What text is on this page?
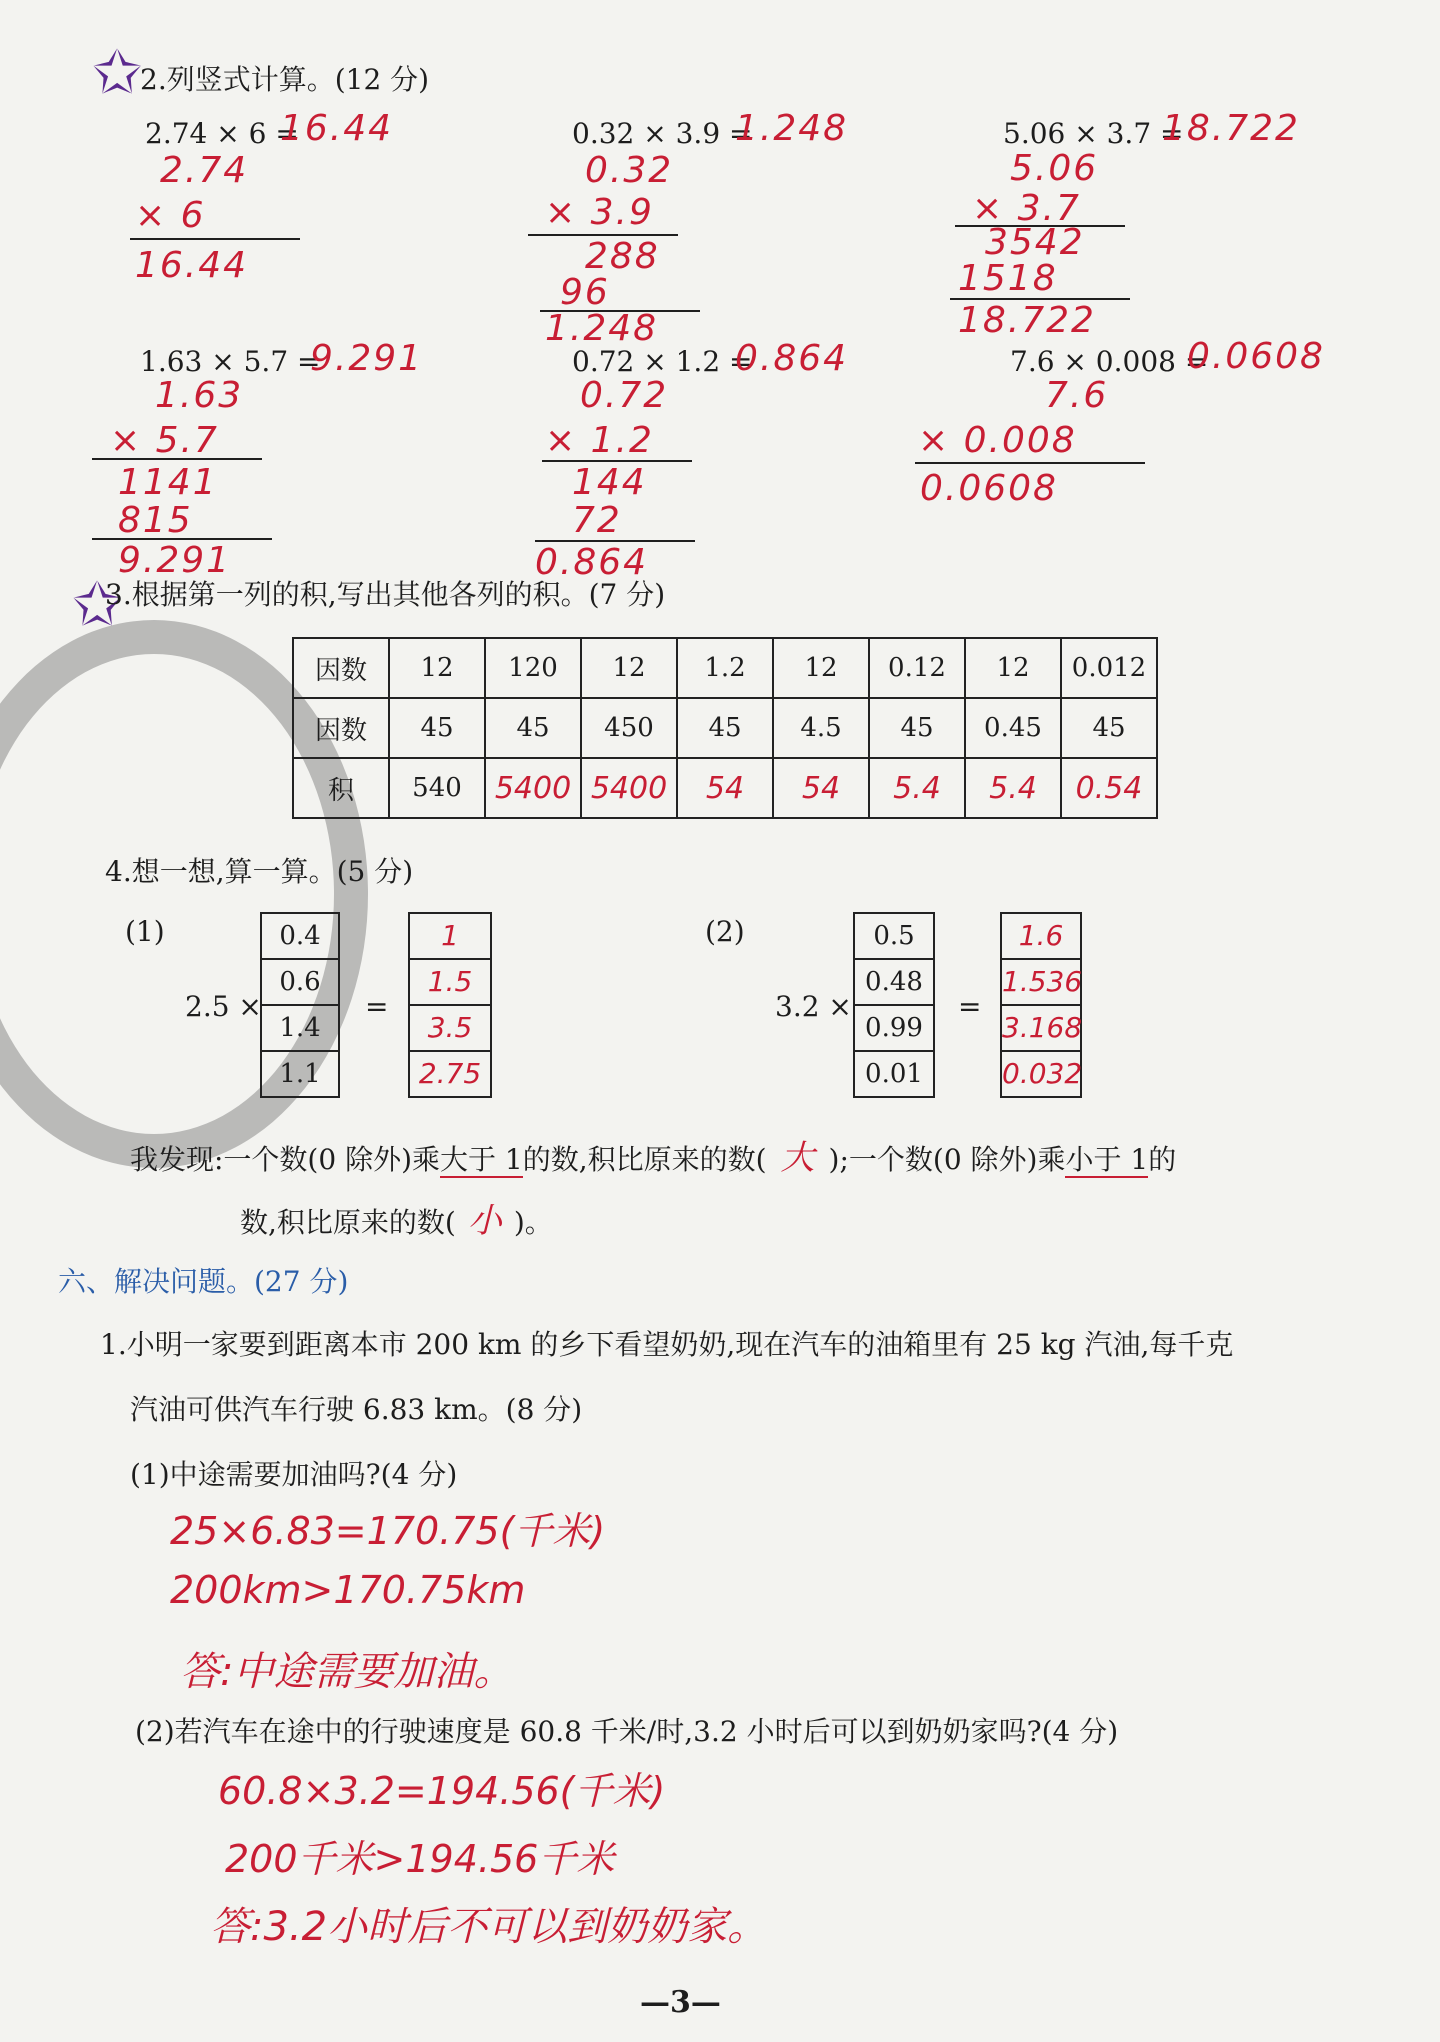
✩
✩
2.列竖式计算。(12 分)
2.74 × 6 =
16.44
2.74
× 6
16.44
0.32 × 3.9 =
1.248
0.32
× 3.9
288
96
1.248
5.06 × 3.7 =
18.722
5.06
× 3.7
3542
1518
18.722
1.63 × 5.7 =
9.291
1.63
× 5.7
1141
815
9.291
0.72 × 1.2 =
0.864
0.72
× 1.2
144
72
0.864
7.6 × 0.008 =
0.0608
7.6
× 0.008
0.0608
3.根据第一列的积,写出其他各列的积。(7 分)
因数	12	120	12	1.2	12	0.12	12	0.012
因数	45	45	450	45	4.5	45	0.45	45
积	540	5400	5400	54	54	5.4	5.4	0.54
4.想一想,算一算。(5 分)
(1)
2.5 ×
0.4
0.6
1.4
1.1
=
1
1.5
3.5
2.75
(2)
3.2 ×
0.5
0.48
0.99
0.01
=
1.6
1.536
3.168
0.032
我发现:一个数(0 除外)乘大于 1的数,积比原来的数( 大 );一个数(0 除外)乘小于 1的
数,积比原来的数( 小 )。
六、解决问题。(27 分)
1.小明一家要到距离本市 200 km 的乡下看望奶奶,现在汽车的油箱里有 25 kg 汽油,每千克
汽油可供汽车行驶 6.83 km。(8 分)
(1)中途需要加油吗?(4 分)
25×6.83=170.75(千米)
200km>170.75km
答:中途需要加油。
(2)若汽车在途中的行驶速度是 60.8 千米/时,3.2 小时后可以到奶奶家吗?(4 分)
60.8×3.2=194.56(千米)
200千米>194.56千米
答:3.2小时后不可以到奶奶家。
—3—
